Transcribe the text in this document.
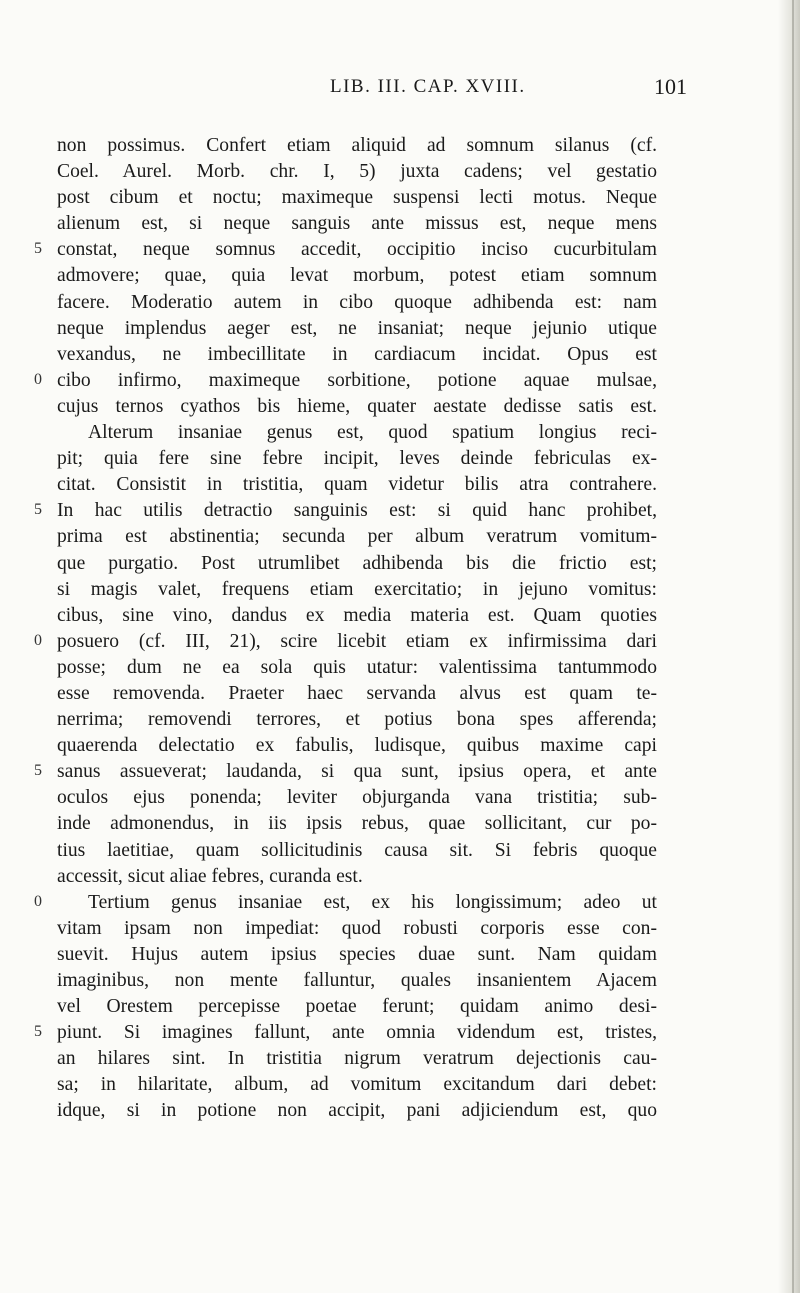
LIB. III. CAP. XVIII.	101
non possimus. Confert etiam aliquid ad somnum silanus (cf.
Coel. Aurel. Morb. chr. I, 5) juxta cadens; vel gestatio
post cibum et noctu; maximeque suspensi lecti motus. Neque
alienum est, si neque sanguis ante missus est, neque mens
5 constat, neque somnus accedit, occipitio inciso cucurbitulam
admovere; quae, quia levat morbum, potest etiam somnum
facere. Moderatio autem in cibo quoque adhibenda est: nam
neque implendus aeger est, ne insaniat; neque jejunio utique
vexandus, ne imbecillitate in cardiacum incidat. Opus est
0 cibo infirmo, maximeque sorbitione, potione aquae mulsae,
cujus ternos cyathos bis hieme, quater aestate dedisse satis est.
Alterum insaniae genus est, quod spatium longius reci-
pit; quia fere sine febre incipit, leves deinde febriculas ex-
citat. Consistit in tristitia, quam videtur bilis atra contrahere.
5 In hac utilis detractio sanguinis est: si quid hanc prohibet,
prima est abstinentia; secunda per album veratrum vomitum-
que purgatio. Post utrumlibet adhibenda bis die frictio est;
si magis valet, frequens etiam exercitatio; in jejuno vomitus:
cibus, sine vino, dandus ex media materia est. Quam quoties
0 posuero (cf. III, 21), scire licebit etiam ex infirmissima dari
posse; dum ne ea sola quis utatur: valentissima tantummodo
esse removenda. Praeter haec servanda alvus est quam te-
nerrima; removendi terrores, et potius bona spes afferenda;
quaerenda delectatio ex fabulis, ludisque, quibus maxime capi
5 sanus assueverat; laudanda, si qua sunt, ipsius opera, et ante
oculos ejus ponenda; leviter objurganda vana tristitia; sub-
inde admonendus, in iis ipsis rebus, quae sollicitant, cur po-
tius laetitiae, quam sollicitudinis causa sit. Si febris quoque
accessit, sicut aliae febres, curanda est.
0	Tertium genus insaniae est, ex his longissimum; adeo ut
vitam ipsam non impediat: quod robusti corporis esse con-
suevit. Hujus autem ipsius species duae sunt. Nam quidam
imaginibus, non mente falluntur, quales insanientem Ajacem
vel Orestem percepisse poetae ferunt; quidam animo desi-
5 piunt. Si imagines fallunt, ante omnia videndum est, tristes,
an hilares sint. In tristitia nigrum veratrum dejectionis cau-
sa; in hilaritate, album, ad vomitum excitandum dari debet:
idque, si in potione non accipit, pani adjiciendum est, quo
